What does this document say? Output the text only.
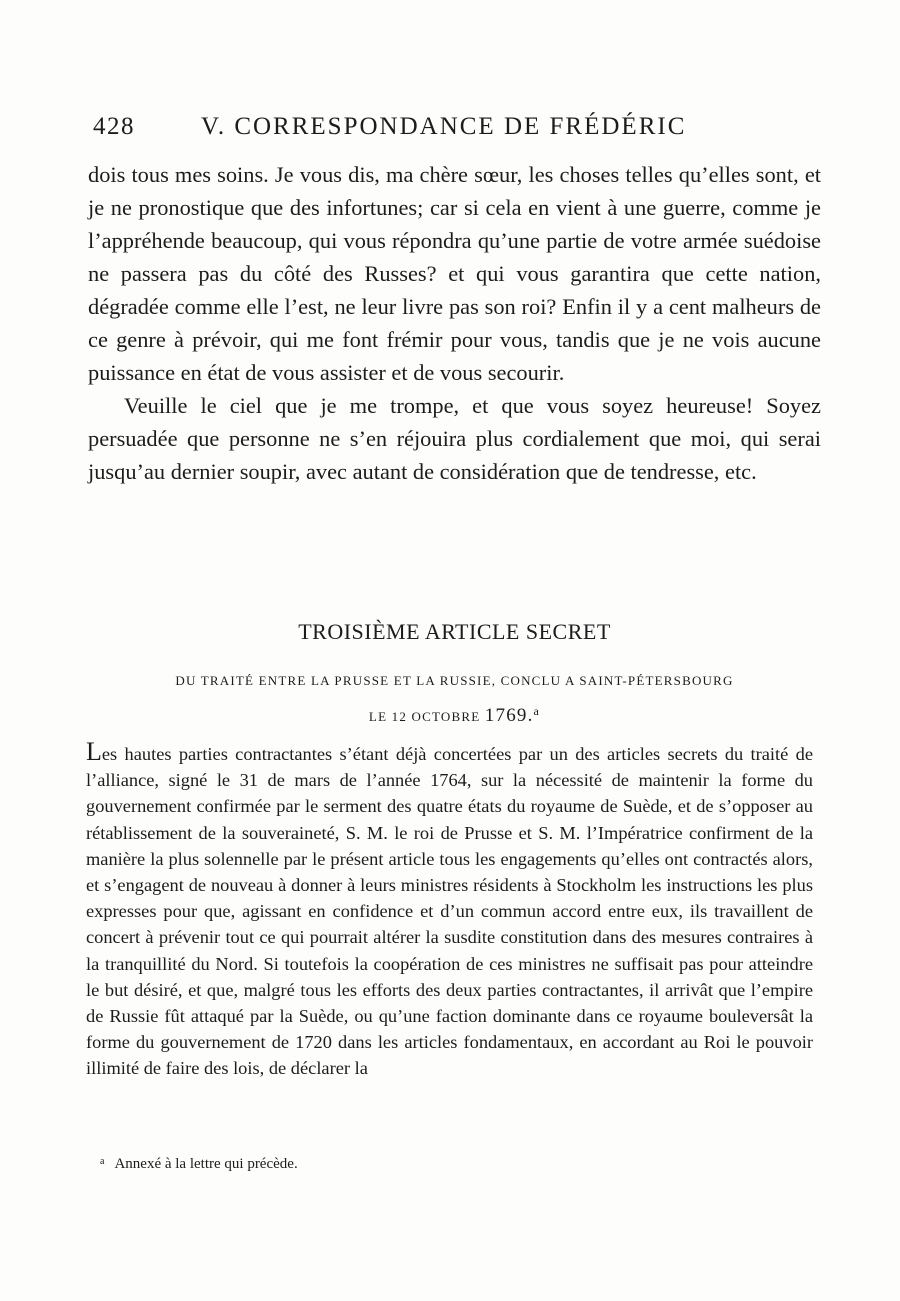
428	V. CORRESPONDANCE DE FRÉDÉRIC

dois tous mes soins. Je vous dis, ma chère sœur, les choses telles qu’elles sont, et je ne pronostique que des infortunes; car si cela en vient à une guerre, comme je l’appréhende beaucoup, qui vous répondra qu’une partie de votre armée suédoise ne passera pas du côté des Russes? et qui vous garantira que cette nation, dégradée comme elle l’est, ne leur livre pas son roi? Enfin il y a cent malheurs de ce genre à prévoir, qui me font frémir pour vous, tandis que je ne vois aucune puissance en état de vous assister et de vous secourir.

Veuille le ciel que je me trompe, et que vous soyez heureuse! Soyez persuadée que personne ne s’en réjouira plus cordialement que moi, qui serai jusqu’au dernier soupir, avec autant de considération que de tendresse, etc.

TROISIÈME ARTICLE SECRET
DU TRAITÉ ENTRE LA PRUSSE ET LA RUSSIE, CONCLU A SAINT-PÉTERSBOURG
LE 12 OCTOBRE 1769.$^a$

Les hautes parties contractantes s’étant déjà concertées par un des articles secrets du traité de l’alliance, signé le 31 de mars de l’année 1764, sur la nécessité de maintenir la forme du gouvernement confirmée par le serment des quatre états du royaume de Suède, et de s’opposer au rétablissement de la souveraineté, S. M. le roi de Prusse et S. M. l’Impératrice confirment de la manière la plus solennelle par le présent article tous les engagements qu’elles ont contractés alors, et s’engagent de nouveau à donner à leurs ministres résidents à Stockholm les instructions les plus expresses pour que, agissant en confidence et d’un commun accord entre eux, ils travaillent de concert à prévenir tout ce qui pourrait altérer la susdite constitution dans des mesures contraires à la tranquillité du Nord. Si toutefois la coopération de ces ministres ne suffisait pas pour atteindre le but désiré, et que, malgré tous les efforts des deux parties contractantes, il arrivât que l’empire de Russie fût attaqué par la Suède, ou qu’une faction dominante dans ce royaume bouleversât la forme du gouvernement de 1720 dans les articles fondamentaux, en accordant au Roi le pouvoir illimité de faire des lois, de déclarer la

$^a$ Annexé à la lettre qui précède.
